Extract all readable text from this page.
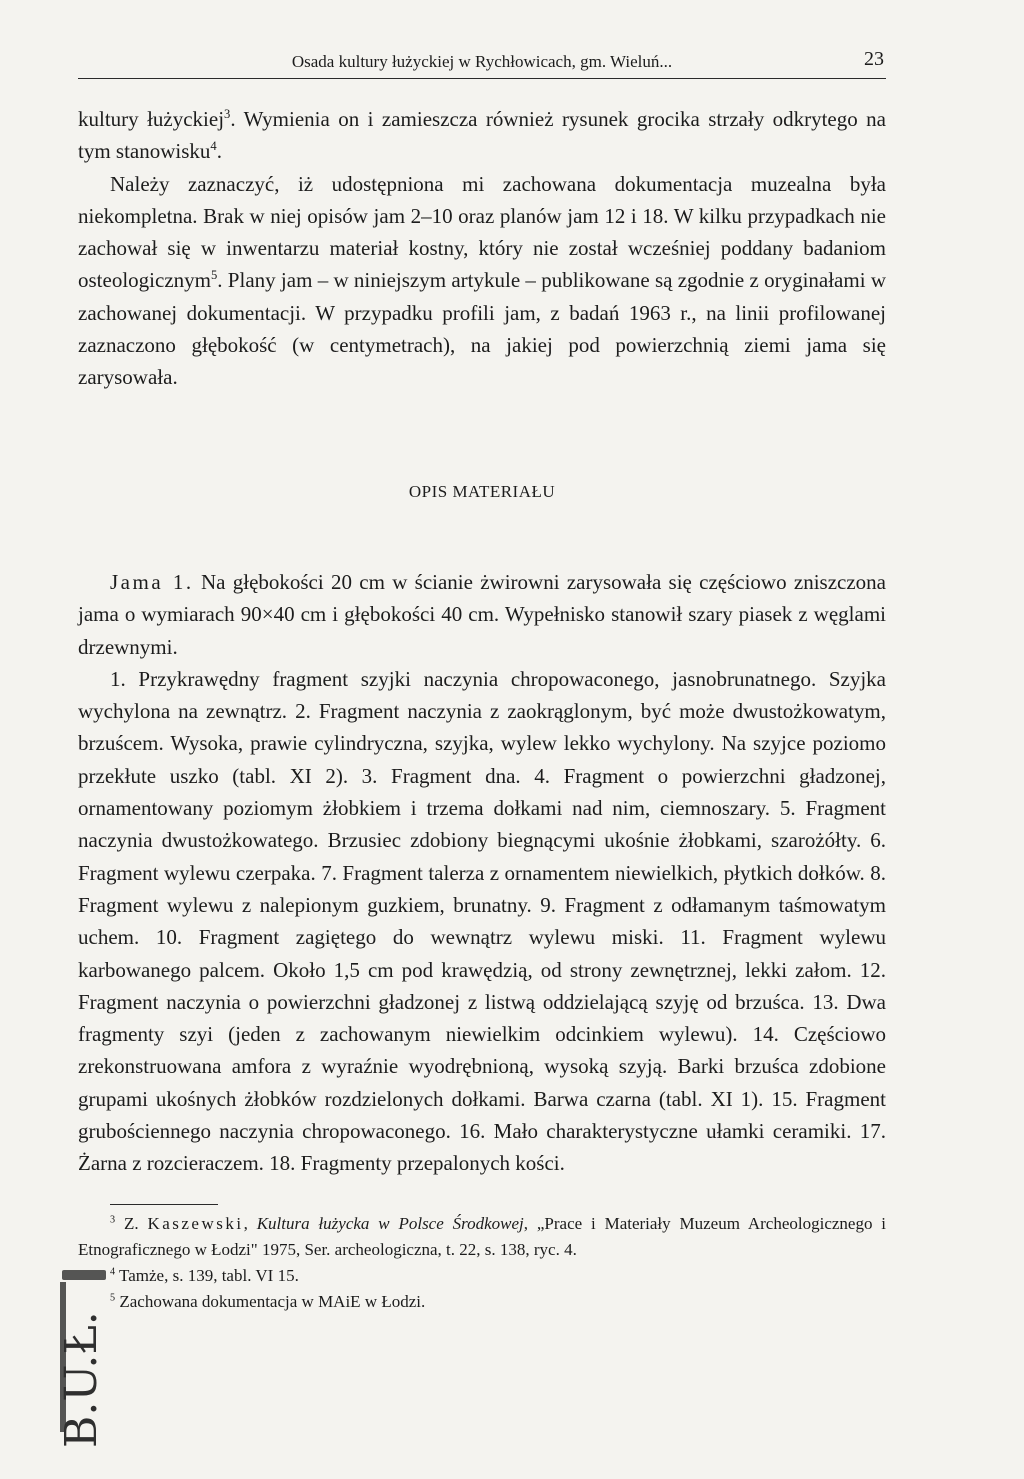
Osada kultury łużyckiej w Rychłowicach, gm. Wieluń...	23

kultury łużyckiej$^3$. Wymienia on i zamieszcza również rysunek grocika strzały odkrytego na tym stanowisku$^4$.

Należy zaznaczyć, iż udostępniona mi zachowana dokumentacja muzealna była niekompletna. Brak w niej opisów jam 2–10 oraz planów jam 12 i 18. W kilku przypadkach nie zachował się w inwentarzu materiał kostny, który nie został wcześniej poddany badaniom osteologicznym$^5$. Plany jam – w niniejszym artykule – publikowane są zgodnie z oryginałami w zachowanej dokumentacji. W przypadku profili jam, z badań 1963 r., na linii profilowanej zaznaczono głębokość (w centymetrach), na jakiej pod powierzchnią ziemi jama się zarysowała.

OPIS MATERIAŁU

Jama 1. Na głębokości 20 cm w ścianie żwirowni zarysowała się częściowo zniszczona jama o wymiarach 90×40 cm i głębokości 40 cm. Wypełnisko stanowił szary piasek z węglami drzewnymi.

1. Przykrawędny fragment szyjki naczynia chropowaconego, jasnobrunatnego. Szyjka wychylona na zewnątrz. 2. Fragment naczynia z zaokrąglonym, być może dwustożkowatym, brzuścem. Wysoka, prawie cylindryczna, szyjka, wylew lekko wychylony. Na szyjce poziomo przekłute uszko (tabl. XI 2). 3. Fragment dna. 4. Fragment o powierzchni gładzonej, ornamentowany poziomym żłobkiem i trzema dołkami nad nim, ciemnoszary. 5. Fragment naczynia dwustożkowatego. Brzusiec zdobiony biegnącymi ukośnie żłobkami, szarożółty. 6. Fragment wylewu czerpaka. 7. Fragment talerza z ornamentem niewielkich, płytkich dołków. 8. Fragment wylewu z nalepionym guzkiem, brunatny. 9. Fragment z odłamanym taśmowatym uchem. 10. Fragment zagiętego do wewnątrz wylewu miski. 11. Fragment wylewu karbowanego palcem. Około 1,5 cm pod krawędzią, od strony zewnętrznej, lekki załom. 12. Fragment naczynia o powierzchni gładzonej z listwą oddzielającą szyję od brzuśca. 13. Dwa fragmenty szyi (jeden z zachowanym niewielkim odcinkiem wylewu). 14. Częściowo zrekonstruowana amfora z wyraźnie wyodrębnioną, wysoką szyją. Barki brzuśca zdobione grupami ukośnych żłobków rozdzielonych dołkami. Barwa czarna (tabl. XI 1). 15. Fragment grubościennego naczynia chropowaconego. 16. Mało charakterystyczne ułamki ceramiki. 17. Żarna z rozcieraczem. 18. Fragmenty przepalonych kości.

$^3$ Z. Kaszewski, Kultura łużycka w Polsce Środkowej, „Prace i Materiały Muzeum Archeologicznego i Etnograficznego w Łodzi" 1975, Ser. archeologiczna, t. 22, s. 138, ryc. 4.

$^4$ Tamże, s. 139, tabl. VI 15.

$^5$ Zachowana dokumentacja w MAiE w Łodzi.

B.U.Ł.
